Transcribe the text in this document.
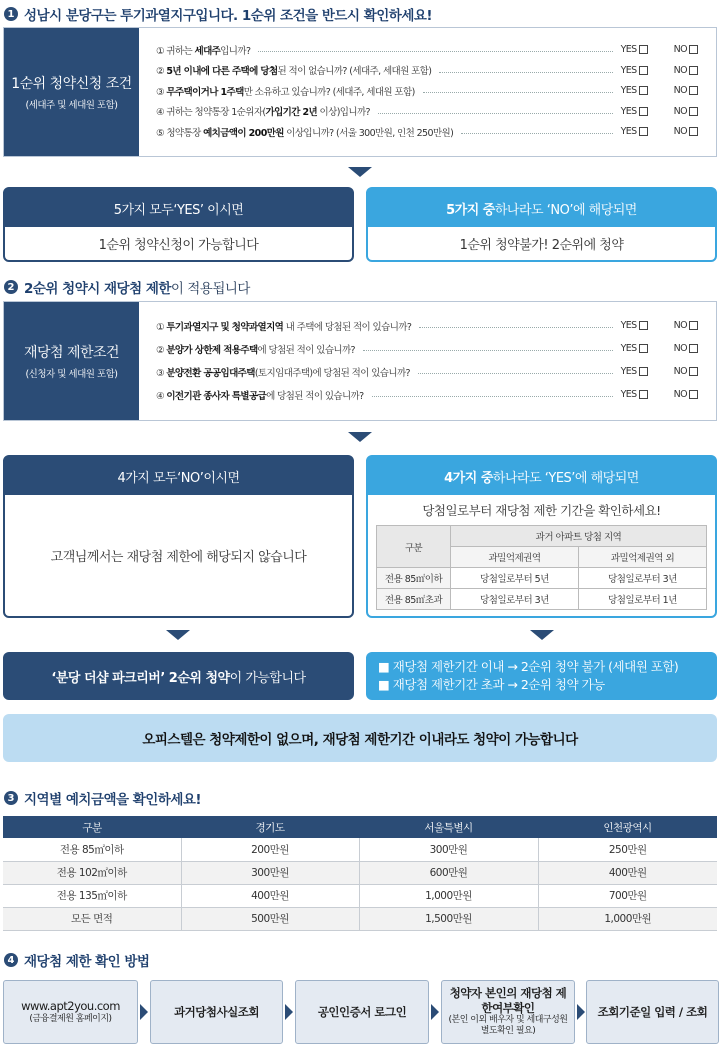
1 성남시 분당구는 투기과열지구입니다. 1순위 조건을 반드시 확인하세요!
1순위 청약신청 조건
(세대주 및 세대원 포함)
① 귀하는 세대주입니까?	YES	NO
② 5년 이내에 다른 주택에 당첨된 적이 없습니까? (세대주, 세대원 포함)	YES	NO
③ 무주택이거나 1주택만 소유하고 있습니까? (세대주, 세대원 포함)	YES	NO
④ 귀하는 청약통장 1순위자(가입기간 2년 이상)입니까?	YES	NO
⑤ 청약통장 예치금액이 200만원 이상입니까? (서울 300만원, 인천 250만원)	YES	NO
5가지 모두 ‘YES’ 이시면
1순위 청약신청이 가능합니다
5가지 중 하나라도 ‘NO’에 해당되면
1순위 청약불가! 2순위에 청약
2 2순위 청약시 재당첨 제한 이 적용됩니다
재당첨 제한조건
(신청자 및 세대원 포함)
① 투기과열지구 및 청약과열지역 내 주택에 당첨된 적이 있습니까?	YES	NO
② 분양가 상한제 적용주택에 당첨된 적이 있습니까?	YES	NO
③ 분양전환 공공임대주택(토지임대주택)에 당첨된 적이 있습니까?	YES	NO
④ 이전기관 종사자 특별공급에 당첨된 적이 있습니까?	YES	NO
4가지 모두 ‘NO’이시면
고객님께서는 재당첨 제한에 해당되지 않습니다
4가지 중 하나라도 ‘YES’에 해당되면
당첨일로부터 재당첨 제한 기간을 확인하세요!
구분	과거 아파트 당첨 지역	
	과밀억제권역	과밀억제권역 외
전용 85㎡이하	당첨일로부터 5년	당첨일로부터 3년
전용 85㎡초과	당첨일로부터 3년	당첨일로부터 1년
‘분당 더샵 파크리버’ 2순위 청약 이 가능합니다
■ 재당첨 제한기간 이내 → 2순위 청약 불가 (세대원 포함)
■ 재당첨 제한기간 초과 → 2순위 청약 가능
오피스텔은 청약제한이 없으며, 재당첨 제한기간 이내라도 청약이 가능합니다
3 지역별 예치금액을 확인하세요!
구분	경기도	서울특별시	인천광역시
전용 85㎡이하	200만원	300만원	250만원
전용 102㎡이하	300만원	600만원	400만원
전용 135㎡이하	400만원	1,000만원	700만원
모든 면적	500만원	1,500만원	1,000만원
4 재당첨 제한 확인 방법
www.apt2you.com
(금융결제원 홈페이지)	과거당첨사실조회	공인인증서 로그인
청약자 본인의 재당첨 제한여부확인
(본인 이외 배우자 및 세대구성원 별도확인 필요)
조회기준일 입력 / 조회
